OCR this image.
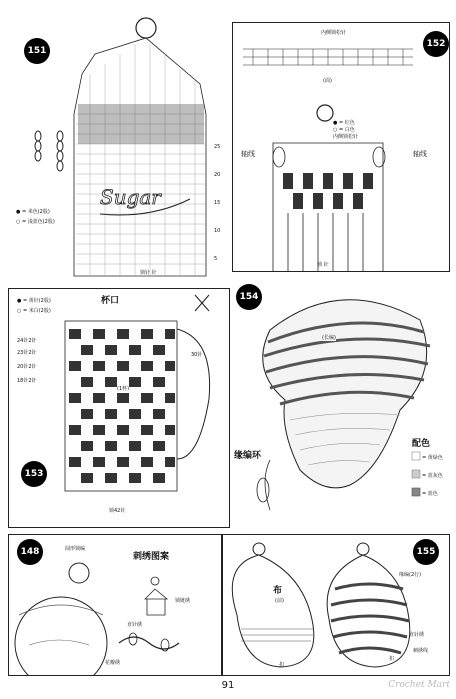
151
Sugar
25
20
15
10
5
● = 米色(2股)
○ = 浅蓝色(2股)
锁针 针
152
内侧锁松针
(面)
● = 红色
○ = 白色
内侧锁松针
轴线	轴线
锁 针
153
杯口
● = 黄针(2股)
○ = 米白(2股)
24针2针
23针2针
20针2针
18针2针
(1杯)
30针
锁42针
154
(长编)
缘编环
配色
= 黄绿色
= 蓝灰色
= 蓝色
148	圆形锁编
刺绣图案
锁链绣
直针绣
花瓣绣
155
布
(前)
扣
缘编(2行)
直针绣
扣
刺绣线
91	Crochet Mart
